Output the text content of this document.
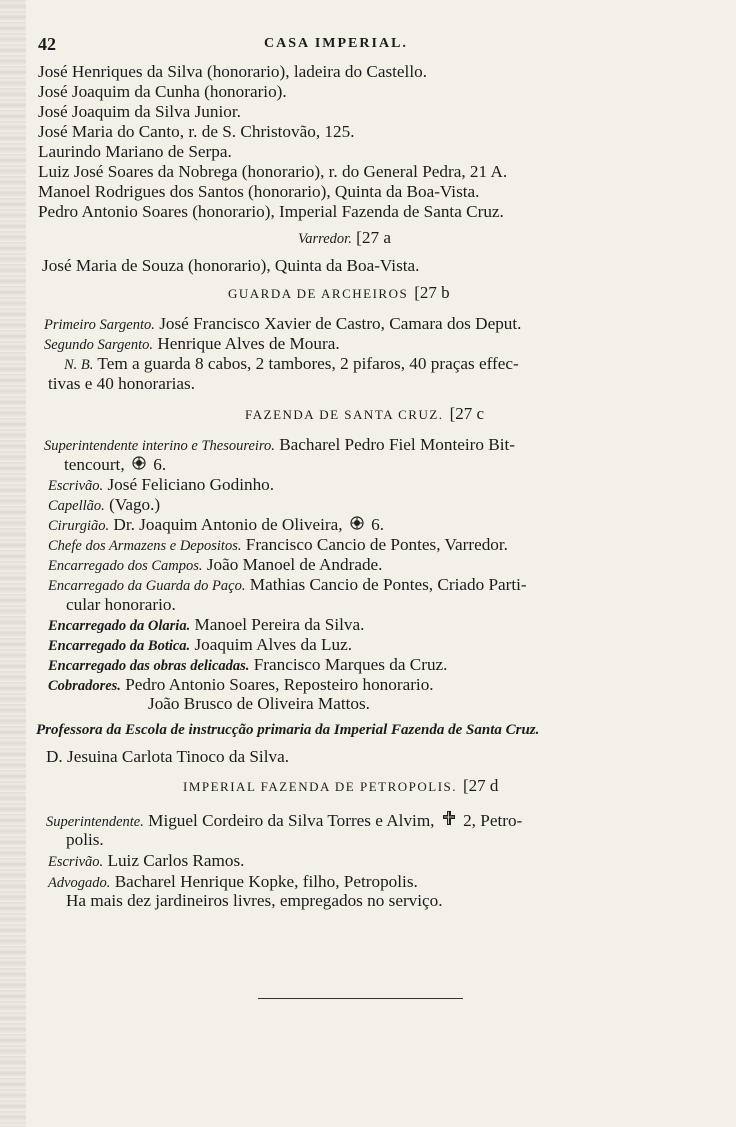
42	CASA IMPERIAL.
José Henriques da Silva (honorario), ladeira do Castello.
José Joaquim da Cunha (honorario).
José Joaquim da Silva Junior.
José Maria do Canto, r. de S. Christovão, 125.
Laurindo Mariano de Serpa.
Luiz José Soares da Nobrega (honorario), r. do General Pedra, 21 A.
Manoel Rodrigues dos Santos (honorario), Quinta da Boa-Vista.
Pedro Antonio Soares (honorario), Imperial Fazenda de Santa Cruz.
Varredor. [27 a
José Maria de Souza (honorario), Quinta da Boa-Vista.
GUARDA DE ARCHEIROS [27 b
Primeiro Sargento. José Francisco Xavier de Castro, Camara dos Deput.
Segundo Sargento. Henrique Alves de Moura.
N. B. Tem a guarda 8 cabos, 2 tambores, 2 pifaros, 40 praças effec-
tivas e 40 honorarias.
FAZENDA DE SANTA CRUZ. [27 c
Superintendente interino e Thesoureiro. Bacharel Pedro Fiel Monteiro Bit-
tencourt, 6.
Escrivão. José Feliciano Godinho.
Capellão. (Vago.)
Cirurgião. Dr. Joaquim Antonio de Oliveira, 6.
Chefe dos Armazens e Depositos. Francisco Cancio de Pontes, Varredor.
Encarregado dos Campos. João Manoel de Andrade.
Encarregado da Guarda do Paço. Mathias Cancio de Pontes, Criado Parti-
cular honorario.
Encarregado da Olaria. Manoel Pereira da Silva.
Encarregado da Botica. Joaquim Alves da Luz.
Encarregado das obras delicadas. Francisco Marques da Cruz.
Cobradores. Pedro Antonio Soares, Reposteiro honorario.
João Brusco de Oliveira Mattos.
Professora da Escola de instrucção primaria da Imperial Fazenda de Santa Cruz.
D. Jesuina Carlota Tinoco da Silva.
IMPERIAL FAZENDA DE PETROPOLIS. [27 d
Superintendente. Miguel Cordeiro da Silva Torres e Alvim, 2, Petro-
polis.
Escrivão. Luiz Carlos Ramos.
Advogado. Bacharel Henrique Kopke, filho, Petropolis.
Ha mais dez jardineiros livres, empregados no serviço.
